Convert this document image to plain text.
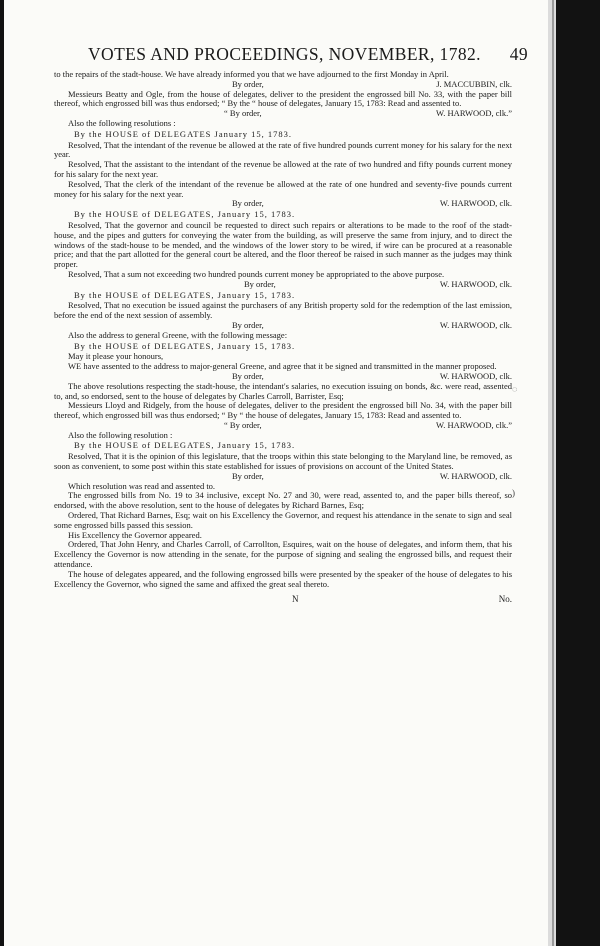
VOTES AND PROCEEDINGS, NOVEMBER, 1782. 49

to the repairs of the stadt-house. We have already informed you that we have adjourned to the first Monday in April.

By order,	J. MACCUBBIN, clk.

Messieurs Beatty and Ogle, from the house of delegates, deliver to the president the engrossed bill No. 33, with the paper bill thereof, which engrossed bill was thus endorsed; “ By the “ house of delegates, January 15, 1783: Read and assented to.

“ By order,	W. HARWOOD, clk.”

Also the following resolutions :

By the HOUSE of DELEGATES January 15, 1783.

Resolved, That the intendant of the revenue be allowed at the rate of five hundred pounds current money for his salary for the next year.

Resolved, That the assistant to the intendant of the revenue be allowed at the rate of two hundred and fifty pounds current money for his salary for the next year.

Resolved, That the clerk of the intendant of the revenue be allowed at the rate of one hundred and seventy-five pounds current money for his salary for the next year.

By order,	W. HARWOOD, clk.

By the HOUSE of DELEGATES, January 15, 1783.

Resolved, That the governor and council be requested to direct such repairs or alterations to be made to the roof of the stadt-house, and the pipes and gutters for conveying the water from the building, as will preserve the same from injury, and to direct the windows of the stadt-house to be mended, and the windows of the lower story to be wired, if wire can be procured at a reasonable price; and that the part allotted for the general court be altered, and the floor thereof be raised in such manner as the judges may think proper.

Resolved, That a sum not exceeding two hundred pounds current money be appropriated to the above purpose.

By order,	W. HARWOOD, clk.

By the HOUSE of DELEGATES, January 15, 1783.

Resolved, That no execution be issued against the purchasers of any British property sold for the redemption of the last emission, before the end of the next session of assembly.

By order,	W. HARWOOD, clk.

Also the address to general Greene, with the following message:

By the HOUSE of DELEGATES, January 15, 1783.

May it please your honours,

WE have assented to the address to major-general Greene, and agree that it be signed and transmitted in the manner proposed.

By order,	W. HARWOOD, clk.

The above resolutions respecting the stadt-house, the intendant's salaries, no execution issuing on bonds, &c. were read, assented to, and, so endorsed, sent to the house of delegates by Charles Carroll, Barrister, Esq;

Messieurs Lloyd and Ridgely, from the house of delegates, deliver to the president the engrossed bill No. 34, with the paper bill thereof, which engrossed bill was thus endorsed; “ By “ the house of delegates, January 15, 1783: Read and assented to.

“ By order,	W. HARWOOD, clk.”

Also the following resolution :

By the HOUSE of DELEGATES, January 15, 1783.

Resolved, That it is the opinion of this legislature, that the troops within this state belonging to the Maryland line, be removed, as soon as convenient, to some post within this state established for issues of provisions on account of the United States.

By order,	W. HARWOOD, clk.

Which resolution was read and assented to.

The engrossed bills from No. 19 to 34 inclusive, except No. 27 and 30, were read, assented to, and the paper bills thereof, so endorsed, with the above resolution, sent to the house of delegates by Richard Barnes, Esq;

Ordered, That Richard Barnes, Esq; wait on his Excellency the Governor, and request his attendance in the senate to sign and seal some engrossed bills passed this session.

His Excellency the Governor appeared.

Ordered, That John Henry, and Charles Carroll, of Carrollton, Esquires, wait on the house of delegates, and inform them, that his Excellency the Governor is now attending in the senate, for the purpose of signing and sealing the engrossed bills, and request their attendance.

The house of delegates appeared, and the following engrossed bills were presented by the speaker of the house of delegates to his Excellency the Governor, who signed the same and affixed the great seal thereto.

N	No.

◌
)
